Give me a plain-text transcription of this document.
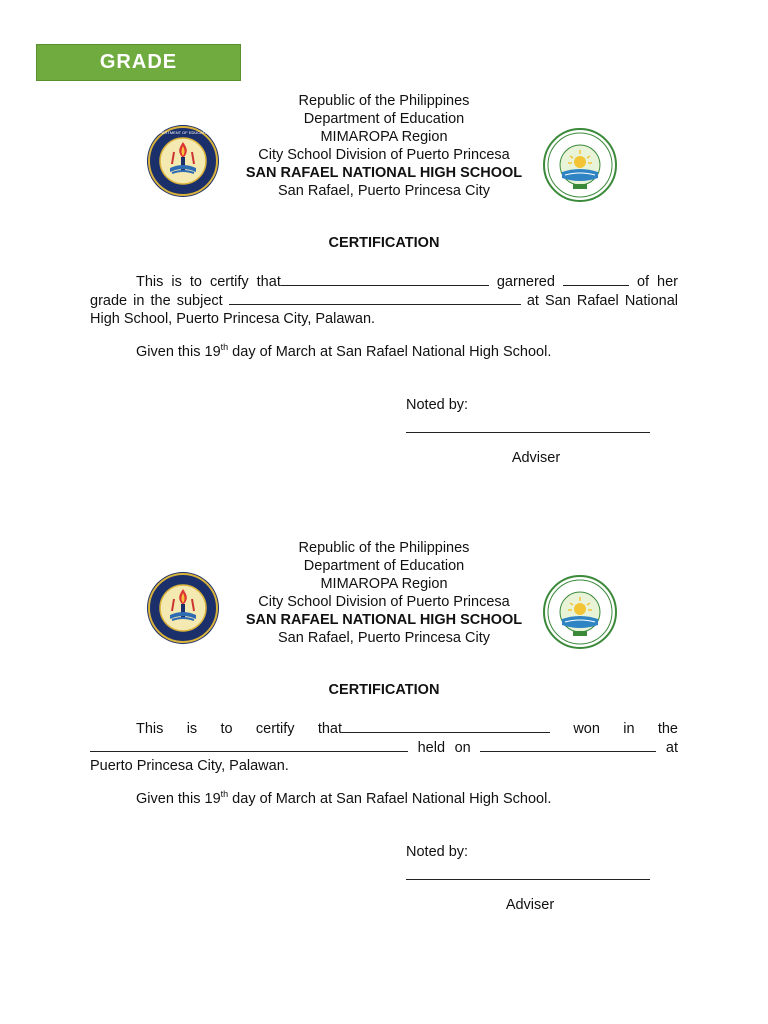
GRADE
DEPARTMENT OF EDUCATION
Republic of the Philippines
Department of Education
MIMAROPA Region
City School Division of Puerto Princesa
SAN RAFAEL NATIONAL HIGH SCHOOL
San Rafael, Puerto Princesa City
CERTIFICATION

This is to certify that	garnered	of her

grade in the subject	at San Rafael National

High School, Puerto Princesa City, Palawan.

Given this 19th day of March at San Rafael National High School.
Noted by:
Adviser
Republic of the Philippines
Department of Education
MIMAROPA Region
City School Division of Puerto Princesa
SAN RAFAEL NATIONAL HIGH SCHOOL
San Rafael, Puerto Princesa City
CERTIFICATION

This is to certify that	won in the

held on	at

Puerto Princesa City, Palawan.

Given this 19th day of March at San Rafael National High School.
Noted by:
Adviser
